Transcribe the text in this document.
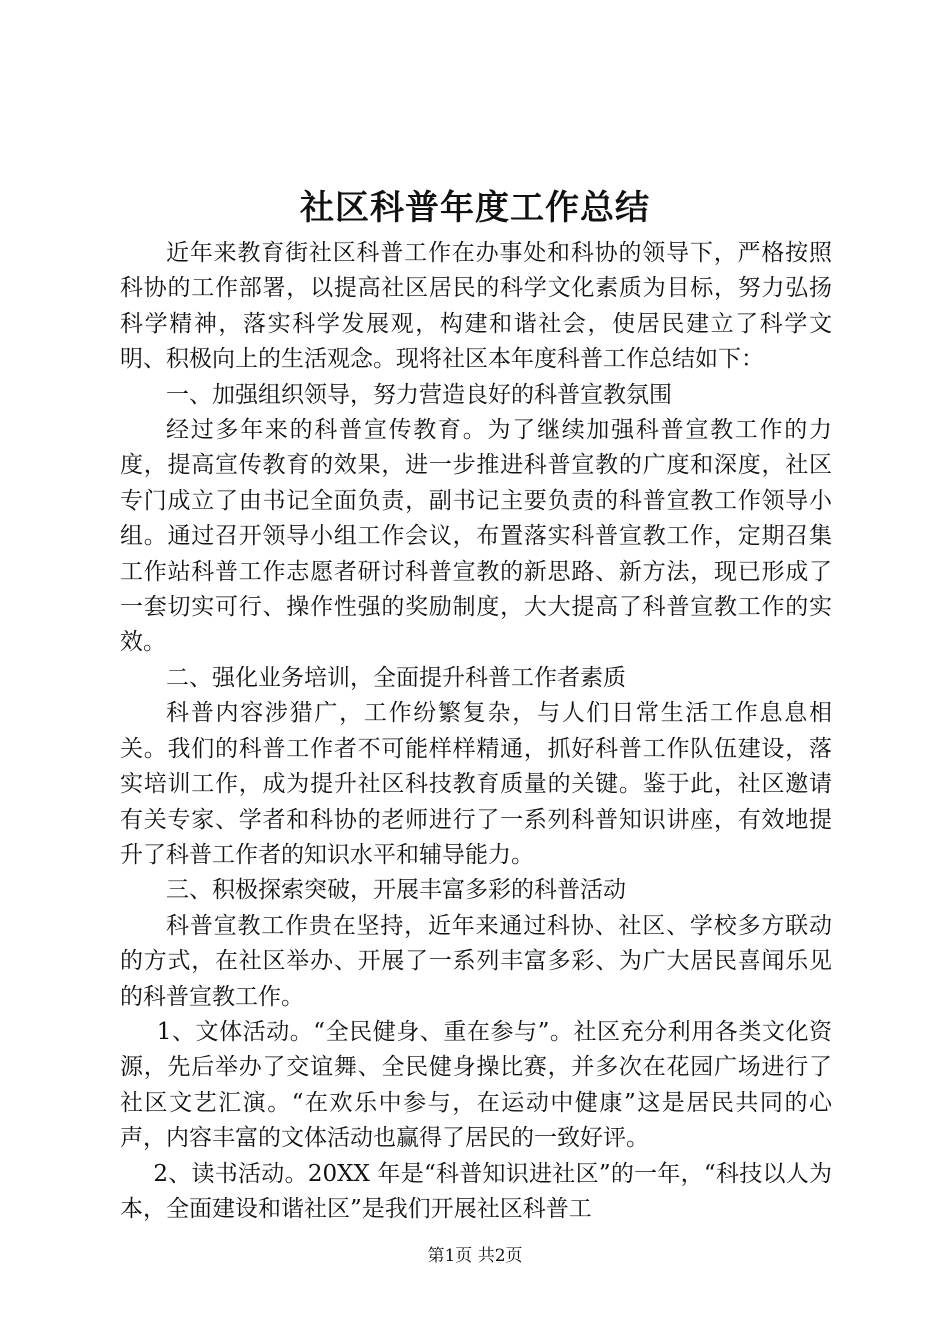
社区科普年度工作总结

近年来教育街社区科普工作在办事处和科协的领导下，严格按照科协的工作部署，以提高社区居民的科学文化素质为目标，努力弘扬科学精神，落实科学发展观，构建和谐社会，使居民建立了科学文明、积极向上的生活观念。现将社区本年度科普工作总结如下：

一、加强组织领导，努力营造良好的科普宣教氛围

经过多年来的科普宣传教育。为了继续加强科普宣教工作的力度，提高宣传教育的效果，进一步推进科普宣教的广度和深度，社区专门成立了由书记全面负责，副书记主要负责的科普宣教工作领导小组。通过召开领导小组工作会议，布置落实科普宣教工作，定期召集工作站科普工作志愿者研讨科普宣教的新思路、新方法，现已形成了一套切实可行、操作性强的奖励制度，大大提高了科普宣教工作的实效。

二、强化业务培训，全面提升科普工作者素质

科普内容涉猎广，工作纷繁复杂，与人们日常生活工作息息相关。我们的科普工作者不可能样样精通，抓好科普工作队伍建设，落实培训工作，成为提升社区科技教育质量的关键。鉴于此，社区邀请有关专家、学者和科协的老师进行了一系列科普知识讲座，有效地提升了科普工作者的知识水平和辅导能力。

三、积极探索突破，开展丰富多彩的科普活动

科普宣教工作贵在坚持，近年来通过科协、社区、学校多方联动的方式，在社区举办、开展了一系列丰富多彩、为广大居民喜闻乐见的科普宣教工作。

1、文体活动。“全民健身、重在参与”。社区充分利用各类文化资源，先后举办了交谊舞、全民健身操比赛，并多次在花园广场进行了社区文艺汇演。“在欢乐中参与，在运动中健康”这是居民共同的心声，内容丰富的文体活动也赢得了居民的一致好评。

2、读书活动。20XX 年是“科普知识进社区”的一年，“科技以人为本，全面建设和谐社区”是我们开展社区科普工

第1页 共2页
